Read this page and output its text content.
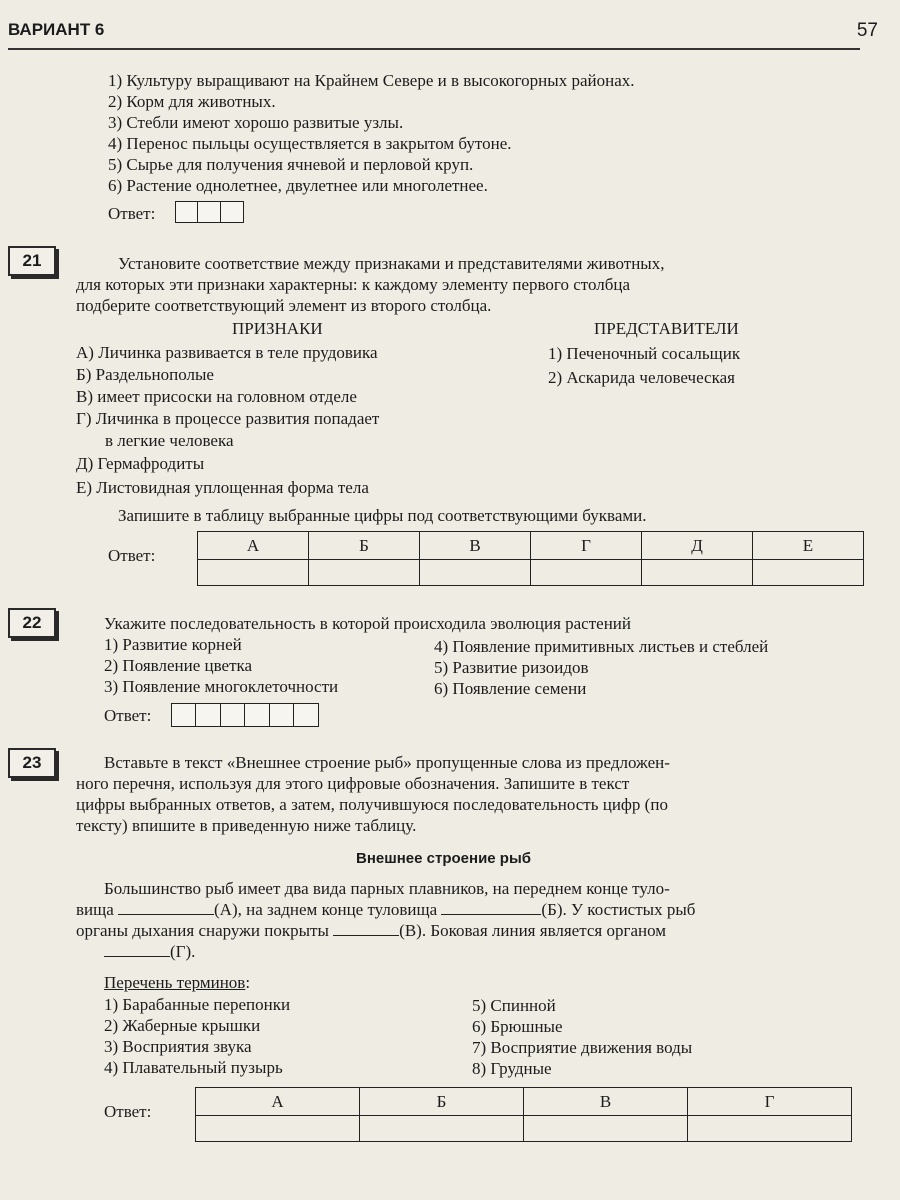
ВАРИАНТ 6	57
1) Культуру выращивают на Крайнем Севере и в высокогорных районах.
2) Корм для животных.
3) Стебли имеют хорошо развитые узлы.
4) Перенос пыльцы осуществляется в закрытом бутоне.
5) Сырье для получения ячневой и перловой круп.
6) Растение однолетнее, двулетнее или многолетнее.
Ответ:
21	Установите соответствие между признаками и представителями животных,
для которых эти признаки характерны: к каждому элементу первого столбца
подберите соответствующий элемент из второго столбца.
ПРИЗНАКИ	ПРЕДСТАВИТЕЛИ
А) Личинка развивается в теле прудовика
Б) Раздельнополые
В) имеет присоски на головном отделе
Г) Личинка в процессе развития попадает
в легкие человека
Д) Гермафродиты
Е) Листовидная уплощенная форма тела
1) Печеночный сосальщик
2) Аскарида человеческая
Запишите в таблицу выбранные цифры под соответствующими буквами.
Ответ:
А	Б	В	Г	Д	Е

22	Укажите последовательность в которой происходила эволюция растений
1) Развитие корней
2) Появление цветка
3) Появление многоклеточности
4) Появление примитивных листьев и стеблей
5) Развитие ризоидов
6) Появление семени
Ответ:
23	Вставьте в текст «Внешнее строение рыб» пропущенные слова из предложен-
ного перечня, используя для этого цифровые обозначения. Запишите в текст
цифры выбранных ответов, а затем, получившуюся последовательность цифр (по
тексту) впишите в приведенную ниже таблицу.
Внешнее строение рыб
Большинство рыб имеет два вида парных плавников, на переднем конце туло-
вища	(А), на заднем конце туловища	(Б). У костистых рыб
органы дыхания снаружи покрыты	(В). Боковая линия является органом
(Г).
Перечень терминов:
1) Барабанные перепонки
2) Жаберные крышки
3) Восприятия звука
4) Плавательный пузырь
5) Спинной
6) Брюшные
7) Восприятие движения воды
8) Грудные
Ответ:
А	Б	В	Г
